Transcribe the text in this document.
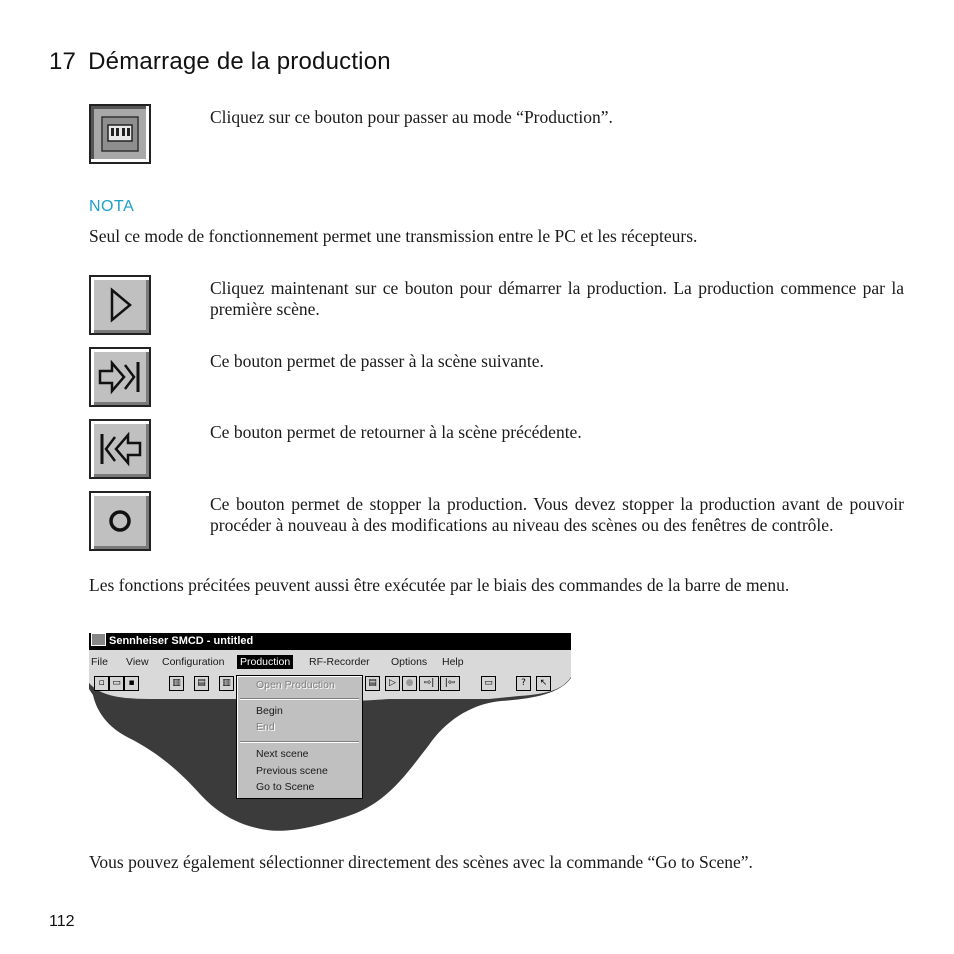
17 Démarrage de la production
Cliquez sur ce bouton pour passer au mode “Production”.
NOTA
Seul ce mode de fonctionnement permet une transmission entre le PC et les récepteurs.
Cliquez maintenant sur ce bouton pour démarrer la production. La production commence par la première scène.
Ce bouton permet de passer à la scène suivante.
Ce bouton permet de retourner à la scène précédente.
Ce bouton permet de stopper la production. Vous devez stopper la production avant de pouvoir procéder à nouveau à des modifications au niveau des scènes ou des fenêtres de contrôle.
Les fonctions précitées peuvent aussi être exécutée par le biais des commandes de la barre de menu.
Sennheiser SMCD - untitled
File View Configuration Production RF-Recorder Options Help
▫ ▭ ▪	▥	▤	▥	▤	▷	●	⇨|	|⇦	▭	?	↖
Open Production
Begin
End
Next scene
Previous scene
Go to Scene
Vous pouvez également sélectionner directement des scènes avec la commande “Go to Scene”.
112
